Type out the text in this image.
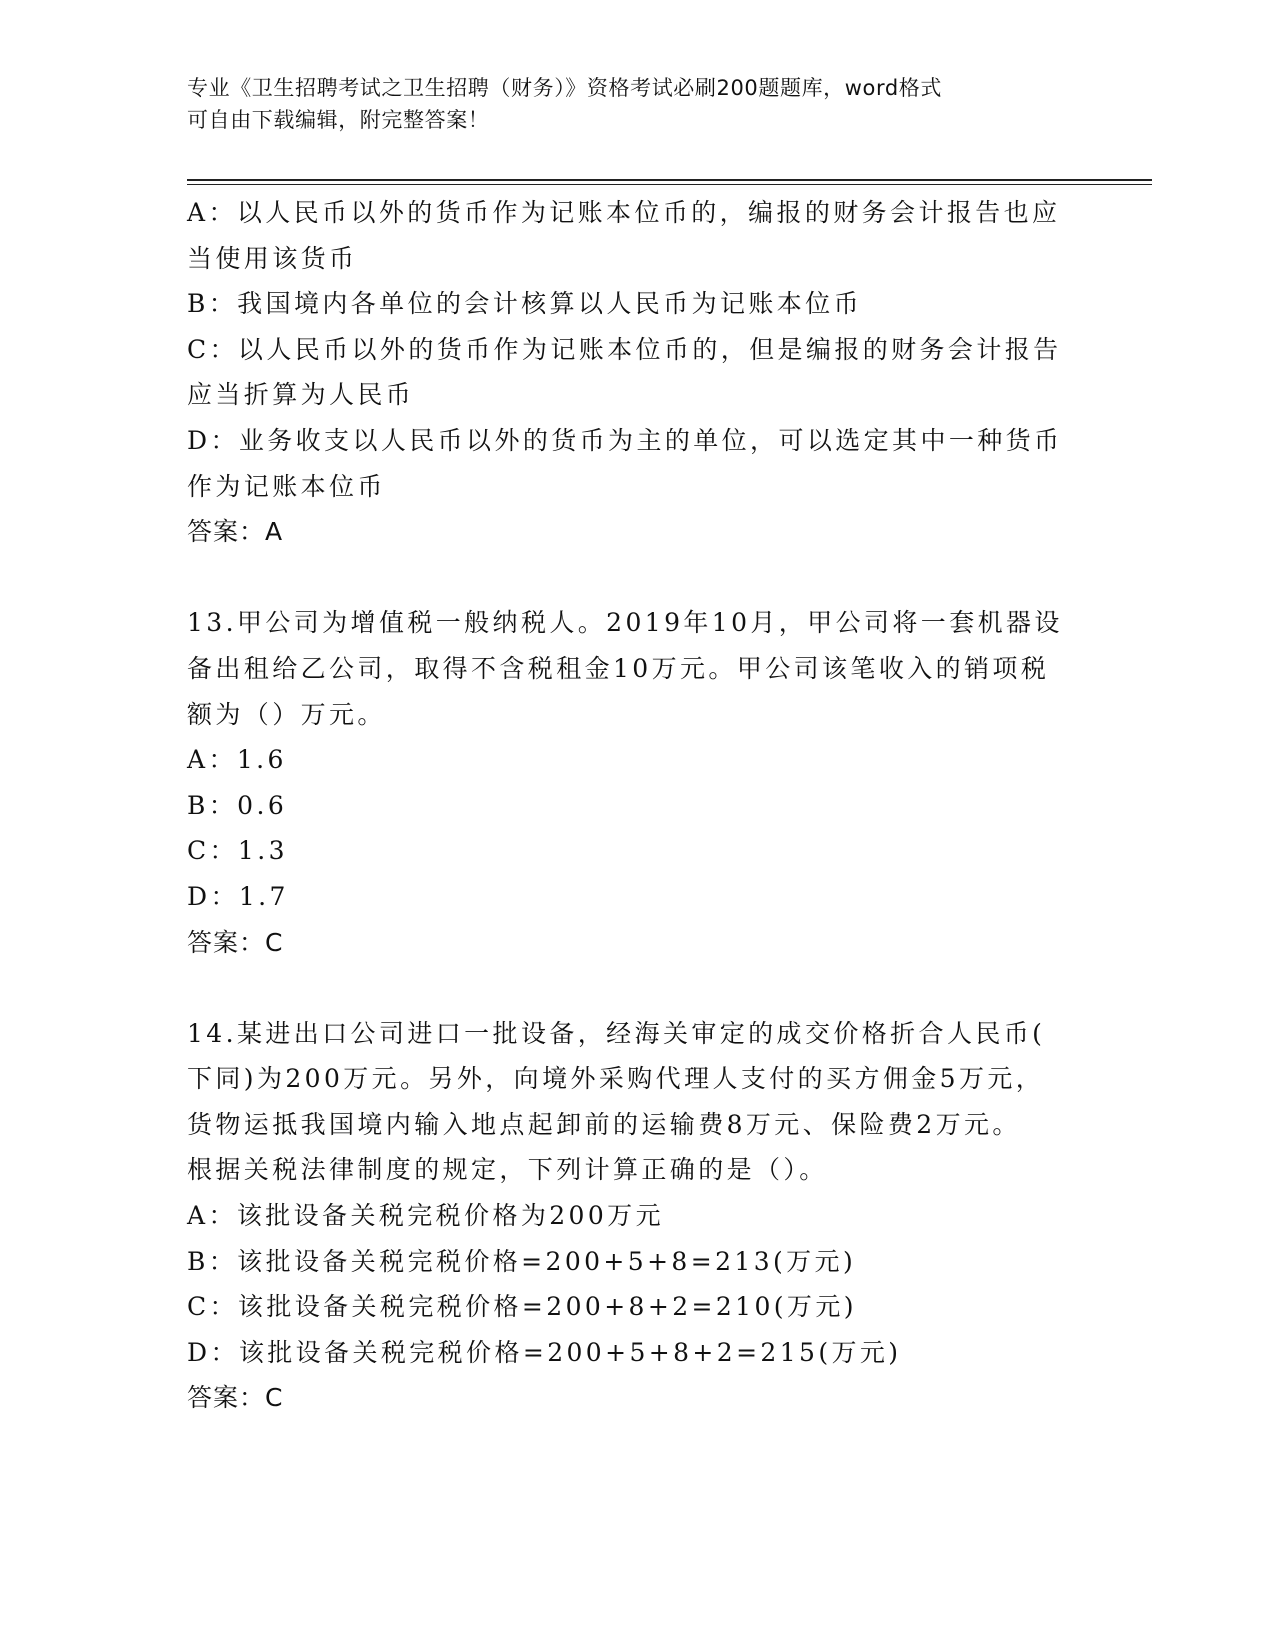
专业《卫生招聘考试之卫生招聘（财务）》资格考试必刷200题题库，word格式
可自由下载编辑，附完整答案！
A：以人民币以外的货币作为记账本位币的，编报的财务会计报告也应
当使用该货币
B：我国境内各单位的会计核算以人民币为记账本位币
C：以人民币以外的货币作为记账本位币的，但是编报的财务会计报告
应当折算为人民币
D：业务收支以人民币以外的货币为主的单位，可以选定其中一种货币
作为记账本位币
答案：A
13.甲公司为增值税一般纳税人。2019年10月，甲公司将一套机器设
备出租给乙公司，取得不含税租金10万元。甲公司该笔收入的销项税
额为（）万元。
A：1.6
B：0.6
C：1.3
D：1.7
答案：C
14.某进出口公司进口一批设备，经海关审定的成交价格折合人民币(
下同)为200万元。另外，向境外采购代理人支付的买方佣金5万元，
货物运抵我国境内输入地点起卸前的运输费8万元、保险费2万元。
根据关税法律制度的规定，下列计算正确的是（）。
A：该批设备关税完税价格为200万元
B：该批设备关税完税价格=200+5+8=213(万元)
C：该批设备关税完税价格=200+8+2=210(万元)
D：该批设备关税完税价格=200+5+8+2=215(万元)
答案：C
